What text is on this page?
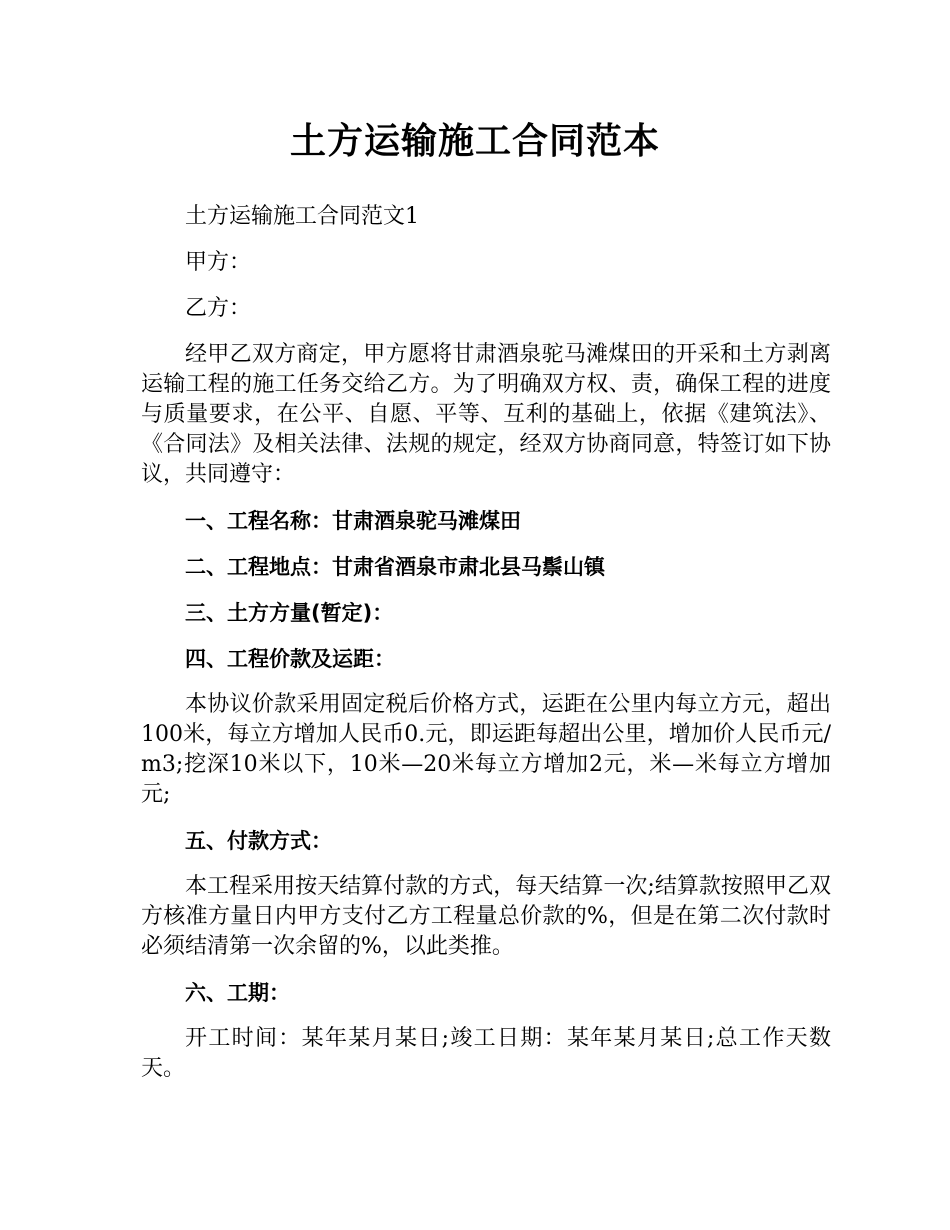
土方运输施工合同范本

土方运输施工合同范文1

甲方：

乙方：

经甲乙双方商定，甲方愿将甘肃酒泉驼马滩煤田的开采和土方剥离运输工程的施工任务交给乙方。为了明确双方权、责，确保工程的进度与质量要求，在公平、自愿、平等、互利的基础上，依据《建筑法》、《合同法》及相关法律、法规的规定，经双方协商同意，特签订如下协议，共同遵守：

一、工程名称：甘肃酒泉驼马滩煤田

二、工程地点：甘肃省酒泉市肃北县马鬃山镇

三、土方方量(暂定)：

四、工程价款及运距：

本协议价款采用固定税后价格方式，运距在公里内每立方元，超出100米，每立方增加人民币0.元，即运距每超出公里，增加价人民币元/m3;挖深10米以下，10米—20米每立方增加2元，米—米每立方增加元;

五、付款方式：

本工程采用按天结算付款的方式，每天结算一次;结算款按照甲乙双方核准方量日内甲方支付乙方工程量总价款的%，但是在第二次付款时必须结清第一次余留的%，以此类推。

六、工期：

开工时间：某年某月某日;竣工日期：某年某月某日;总工作天数天。
